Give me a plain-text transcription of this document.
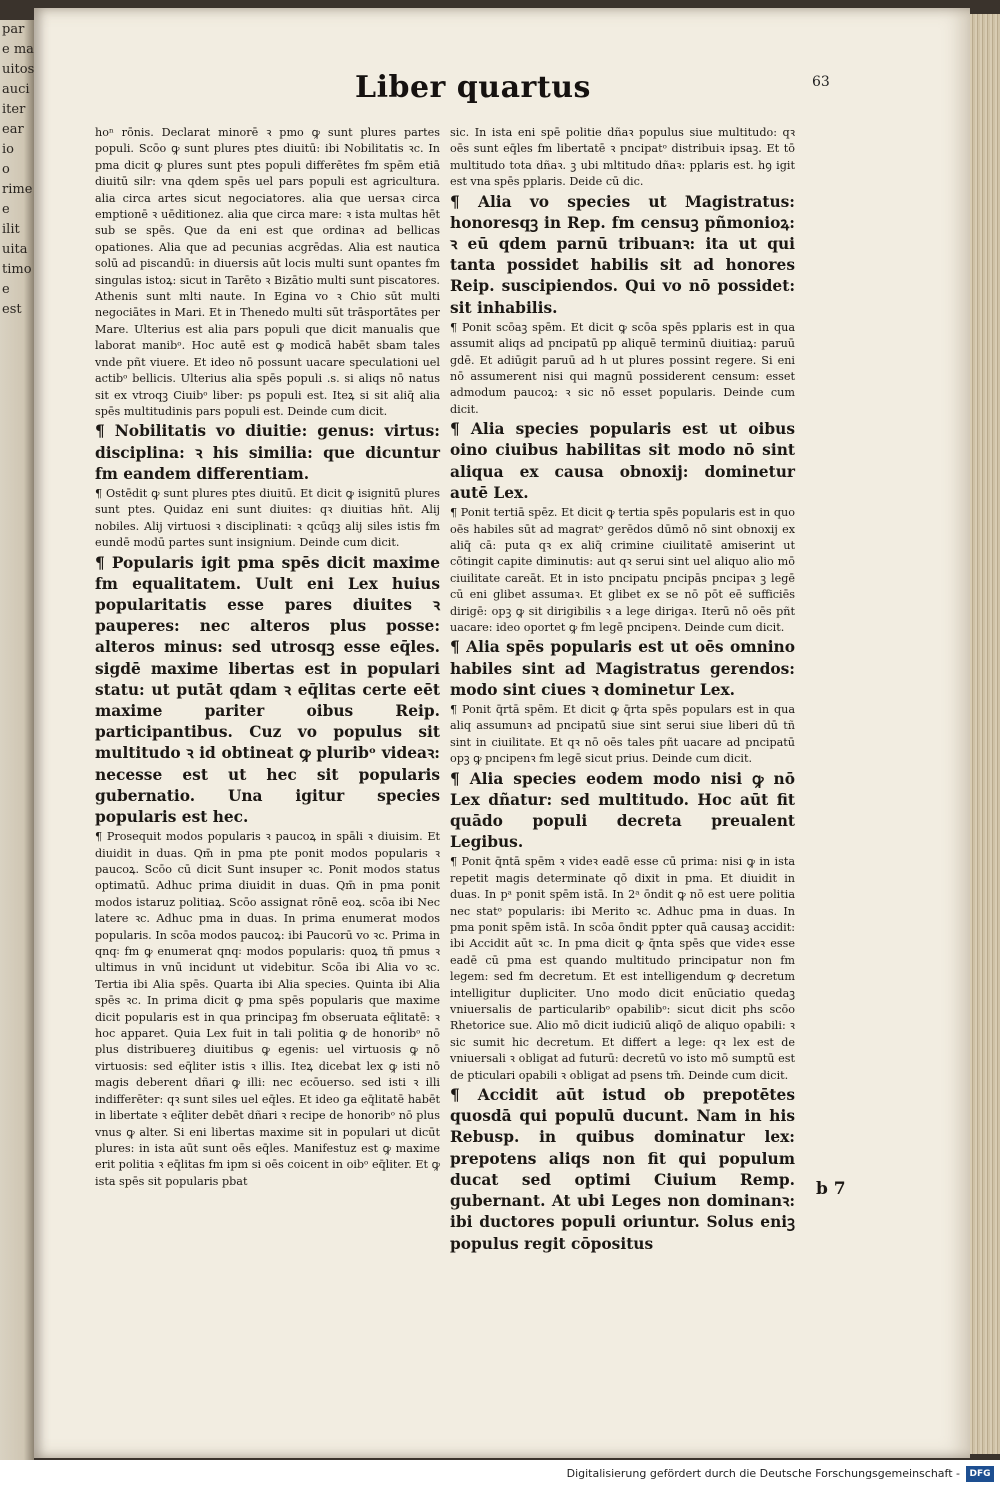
par
e ma
uitos
auci
iter
ear
io
o
rime
e
ilit
uita
timo
e
est
Liber quartus	63

hoⁿ rōnis. Declarat minorē ꝛ pmo ꝙ sunt plures partes populi. Scōo ꝙ sunt plures ptes diuitū: ibi Nobilitatis ꝛc. In pma dicit ꝙ plures sunt ptes populi differētes fm spēm etiā diuitū silr: vna qdem spēs uel pars populi est agricultura. alia circa artes sicut negociatores. alia que uersaꝛ circa emptionē ꝛ uēditionez. alia que circa mare: ꝛ ista multas hēt sub se spēs. Que da eni est que ordinaꝛ ad bellicas opationes. Alia que ad pecunias acgrēdas. Alia est nautica solū ad piscandū: in diuersis aūt locis multi sunt opantes fm singulas istoꝝ: sicut in Tarēto ꝛ Bizātio multi sunt piscatores. Athenis sunt mlti naute. In Egina vo ꝛ Chio sūt multi negociātes in Mari. Et in Thenedo multi sūt trāsportātes per Mare. Ulterius est alia pars populi que dicit manualis que laborat manibᵒ. Hoc autē est ꝙ modicā habēt sbam tales vnde pñt viuere. Et ideo nō possunt uacare speculationi uel actibᵒ bellicis. Ulterius alia spēs populi .s. si aliqs nō natus sit ex vtroqꝫ Ciuibᵒ liber: ps populi est. Iteꝝ si sit aliq̄ alia spēs multitudinis pars populi est. Deinde cum dicit.

¶ Nobilitatis vo diuitie: genus: virtus: disciplina: ꝛ his similia: que dicuntur fm eandem differentiam.

¶ Ostēdit ꝙ sunt plures ptes diuitū. Et dicit ꝙ isignitū plures sunt ptes. Quidaz eni sunt diuites: qꝛ diuitias hñt. Alij nobiles. Alij virtuosi ꝛ disciplinati: ꝛ qcūqꝫ alij siles istis fm eundē modū partes sunt insignium. Deinde cum dicit.

¶ Popularis igit pma spēs dicit maxime fm equalitatem. Uult eni Lex huius popularitatis esse pares diuites ꝛ pauperes: nec alteros plus posse: alteros minus: sed utrosqꝫ esse eq̄les. sigdē maxime libertas est in populari statu: ut putāt qdam ꝛ eq̄litas certe eēt maxime pariter oibus Reip. participantibus. Cuz vo populus sit multitudo ꝛ id obtineat ꝙ pluribᵒ videaꝛ: necesse est ut hec sit popularis gubernatio. Una igitur species popularis est hec.

¶ Prosequit modos popularis ꝛ paucoꝝ in spāli ꝛ diuisim. Et diuidit in duas. Qm̄ in pma pte ponit modos popularis ꝛ paucoꝝ. Scōo cū dicit Sunt insuper ꝛc. Ponit modos status optimatū. Adhuc prima diuidit in duas. Qm̄ in pma ponit modos istaruz politiaꝝ. Scōo assignat rōnē eoꝝ. scōa ibi Nec latere ꝛc. Adhuc pma in duas. In prima enumerat modos popularis. In scōa modos paucoꝝ: ibi Paucorū vo ꝛc. Prima in qnq꞉ fm ꝙ enumerat qnq꞉ modos popularis: quoꝝ tñ pmus ꝛ ultimus in vnū incidunt ut videbitur. Scōa ibi Alia vo ꝛc. Tertia ibi Alia spēs. Quarta ibi Alia species. Quinta ibi Alia spēs ꝛc. In prima dicit ꝙ pma spēs popularis que maxime dicit popularis est in qua principaꝫ fm obseruata eq̄litatē: ꝛ hoc apparet. Quia Lex fuit in tali politia ꝙ de honoribᵒ nō plus distribuereꝫ diuitibus ꝙ egenis: uel virtuosis ꝙ nō virtuosis: sed eq̄liter istis ꝛ illis. Iteꝝ dicebat lex ꝙ isti nō magis deberent dñari ꝙ illi: nec ecōuerso. sed isti ꝛ illi indifferēter: qꝛ sunt siles uel eq̄les. Et ideo ga eq̄litatē habēt in libertate ꝛ eq̄liter debēt dñari ꝛ recipe de honoribᵒ nō plus vnus ꝙ alter. Si eni libertas maxime sit in populari ut dicūt plures: in ista aūt sunt oēs eq̄les. Manifestuz est ꝙ maxime erit politia ꝛ eq̄litas fm ipm si oēs coicent in oibᵒ eq̄liter. Et ꝙ ista spēs sit popularis pbat

sic. In ista eni spē politie dñaꝛ populus siue multitudo: qꝛ oēs sunt eq̄les fm libertatē ꝛ pncipatᵒ distribuiꝛ ipsaꝫ. Et tō multitudo tota dñaꝛ. ꝫ ubi mltitudo dñaꝛ: pplaris est. hꝯ igit est vna spēs pplaris. Deide cū dic.

¶ Alia vo species ut Magistratus: honoresqꝫ in Rep. fm censuꝫ pñmonioꝝ: ꝛ eū qdem parnū tribuanꝛ: ita ut qui tanta possidet habilis sit ad honores Reip. suscipiendos. Qui vo nō possidet: sit inhabilis.

¶ Ponit scōaꝫ spēm. Et dicit ꝙ scōa spēs pplaris est in qua assumit aliqs ad pncipatū pp aliquē terminū diuitiaꝝ: paruū gdē. Et adiūgit paruū ad h ut plures possint regere. Si eni nō assumerent nisi qui magnū possiderent censum: esset admodum paucoꝝ: ꝛ sic nō esset popularis. Deinde cum dicit.

¶ Alia species popularis est ut oibus oino ciuibus habilitas sit modo nō sint aliqua ex causa obnoxij: dominetur autē Lex.

¶ Ponit tertiā spēz. Et dicit ꝙ tertia spēs popularis est in quo oēs habiles sūt ad magratᵒ gerēdos dūmō nō sint obnoxij ex aliq̄ cā: puta qꝛ ex aliq̄ crimine ciuilitatē amiserint ut cōtingit capite diminutis: aut qꝛ serui sint uel aliquo alio mō ciuilitate careāt. Et in isto pncipatu pncipās pncipaꝛ ꝫ legē cū eni glibet assumaꝛ. Et glibet ex se nō pōt eē sufficiēs dirigē: opꝫ ꝙ sit dirigibilis ꝛ a lege dirigaꝛ. Iterū nō oēs pñt uacare: ideo oportet ꝙ fm legē pncipenꝛ. Deinde cum dicit.

¶ Alia spēs popularis est ut oēs omnino habiles sint ad Magistratus gerendos: modo sint ciues ꝛ dominetur Lex.

¶ Ponit q̄rtā spēm. Et dicit ꝙ q̄rta spēs populars est in qua aliq assumunꝛ ad pncipatū siue sint serui siue liberi dū tñ sint in ciuilitate. Et qꝛ nō oēs tales pñt uacare ad pncipatū opꝫ ꝙ pncipenꝛ fm legē sicut prius. Deinde cum dicit.

¶ Alia species eodem modo nisi ꝙ nō Lex dñatur: sed multitudo. Hoc aūt fit quādo populi decreta preualent Legibus.

¶ Ponit q̄ntā spēm ꝛ videꝛ eadē esse cū prima: nisi ꝙ in ista repetit magis determinate qō dixit in pma. Et diuidit in duas. In pᵃ ponit spēm istā. In 2ᵃ ōndit ꝙ nō est uere politia nec statᵒ popularis: ibi Merito ꝛc. Adhuc pma in duas. In pma ponit spēm istā. In scōa ōndit ppter quā causaꝫ accidit: ibi Accidit aūt ꝛc. In pma dicit ꝙ q̄nta spēs que videꝛ esse eadē cū pma est quando multitudo principatur non fm legem: sed fm decretum. Et est intelligendum ꝙ decretum intelligitur dupliciter. Uno modo dicit enūciatio quedaꝫ vniuersalis de particularibᵒ opabilibᵒ: sicut dicit phs scōo Rhetorice sue. Alio mō dicit iudiciū aliqō de aliquo opabili: ꝛ sic sumit hic decretum. Et differt a lege: qꝛ lex est de vniuersali ꝛ obligat ad futurū: decretū vo isto mō sumptū est de pticulari opabili ꝛ obligat ad psens tm̄. Deinde cum dicit.

¶ Accidit aūt istud ob prepotētes quosdā qui populū ducunt. Nam in his Rebusp. in quibus dominatur lex: prepotens aliqs non fit qui populum ducat sed optimi Ciuium Remp. gubernant. At ubi Leges non dominanꝛ: ibi ductores populi oriuntur. Solus eniꝫ populus regit cōpositus

b 7
Digitalisierung gefördert durch die Deutsche Forschungsgemeinschaft -	DFG
